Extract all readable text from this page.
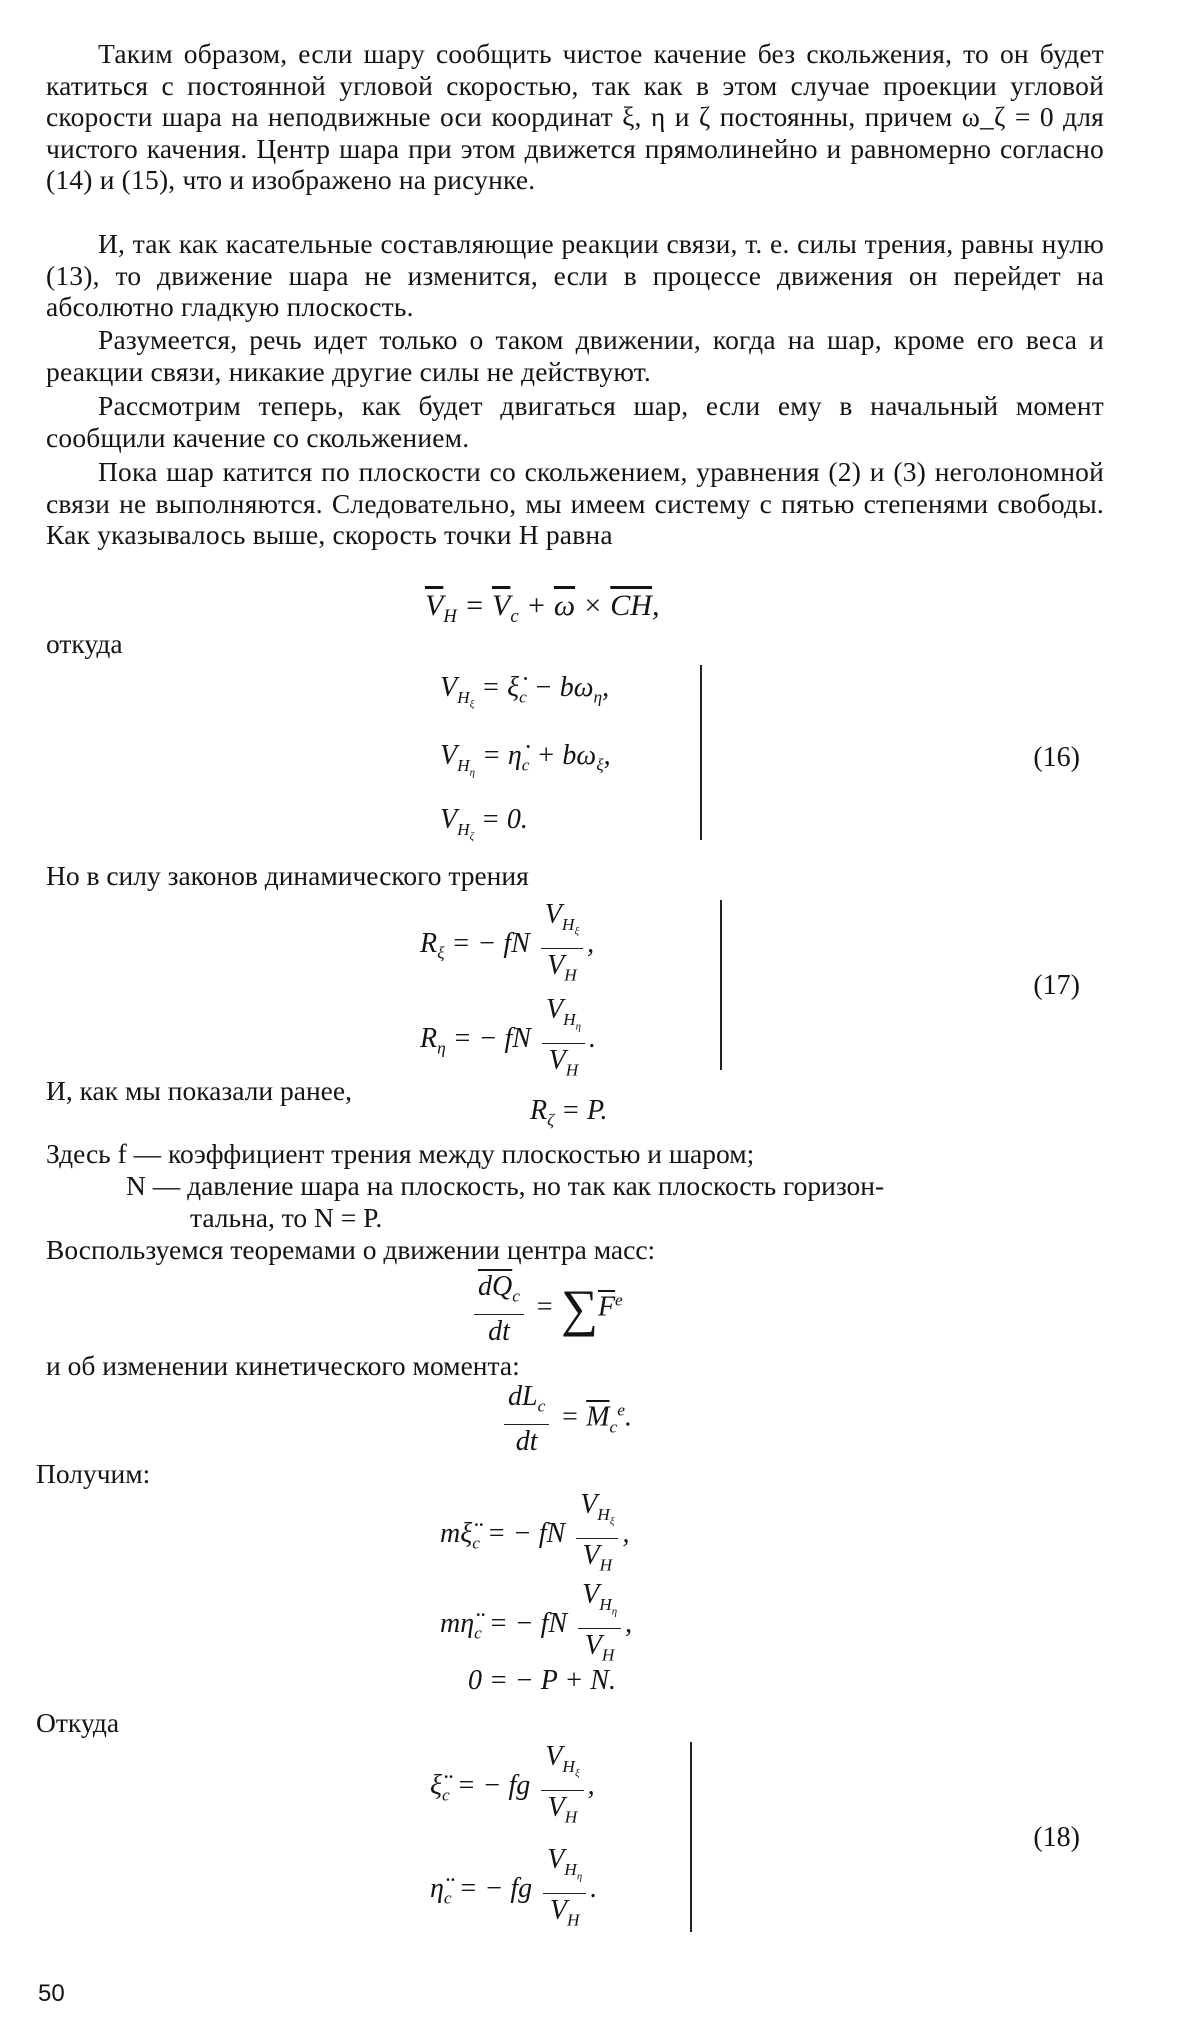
Таким образом, если шару сообщить чистое качение без скольжения, то он будет катиться с постоянной угловой скоростью, так как в этом случае проекции угловой скорости шара на неподвижные оси координат ξ, η и ζ постоянны, причем ω_ζ = 0 для чистого качения. Центр шара при этом движется прямолинейно и равномерно согласно (14) и (15), что и изображено на рисунке.

И, так как касательные составляющие реакции связи, т. е. силы трения, равны нулю (13), то движение шара не изменится, если в процессе движения он перейдет на абсолютно гладкую плоскость.

Разумеется, речь идет только о таком движении, когда на шар, кроме его веса и реакции связи, никакие другие силы не действуют.

Рассмотрим теперь, как будет двигаться шар, если ему в начальный момент сообщили качение со скольжением.

Пока шар катится по плоскости со скольжением, уравнения (2) и (3) неголономной связи не выполняются. Следовательно, мы имеем систему с пятью степенями свободы. Как указывалось выше, скорость точки H равна

$\overline{V}_H = \overline{V}_c + \overline{\omega} \times \overline{CH}$,
откуда
$V_{H_\xi}$ = $\xi̇_c - b\omega_\eta$,
$V_{H_\eta}$ = $\etȧ_c + b\omega_\xi$,
$V_{H_\zeta} = 0$.
(16)
Но в силу законов динамического трения
$R_\xi$ = − fN $\frac{V_{H_\xi}}{V_H}$ ,
$R_\eta$ = − fN $\frac{V_{H_\eta}}{V_H}$ .
(17)
И, как мы показали ранее,
$R_\zeta = P$.
Здесь f — коэффициент трения между плоскостью и шаром;
N — давление шара на плоскость, но так как плоскость горизон-
тальна, то N = P.
Воспользуемся теоремами о движении центра масс:
$\frac{\overline{dQ}_c}{dt} = \sum\overline{F}^e$
и об изменении кинетического момента:
$\frac{dL_c}{dt} = \overline{M}_c^e$.
Получим:
$m\xï_c$ = − fN $\frac{V_{H_\xi}}{V_H}$ ,
$m\etä_c$ = − fN $\frac{V_{H_\eta}}{V_H}$ ,
0 = − P + N.
Откуда
$\xï_c$ = − fg $\frac{V_{H_\xi}}{V_H}$ ,
$\etä_c$ = − fg $\frac{V_{H_\eta}}{V_H}$ .
(18)
50
